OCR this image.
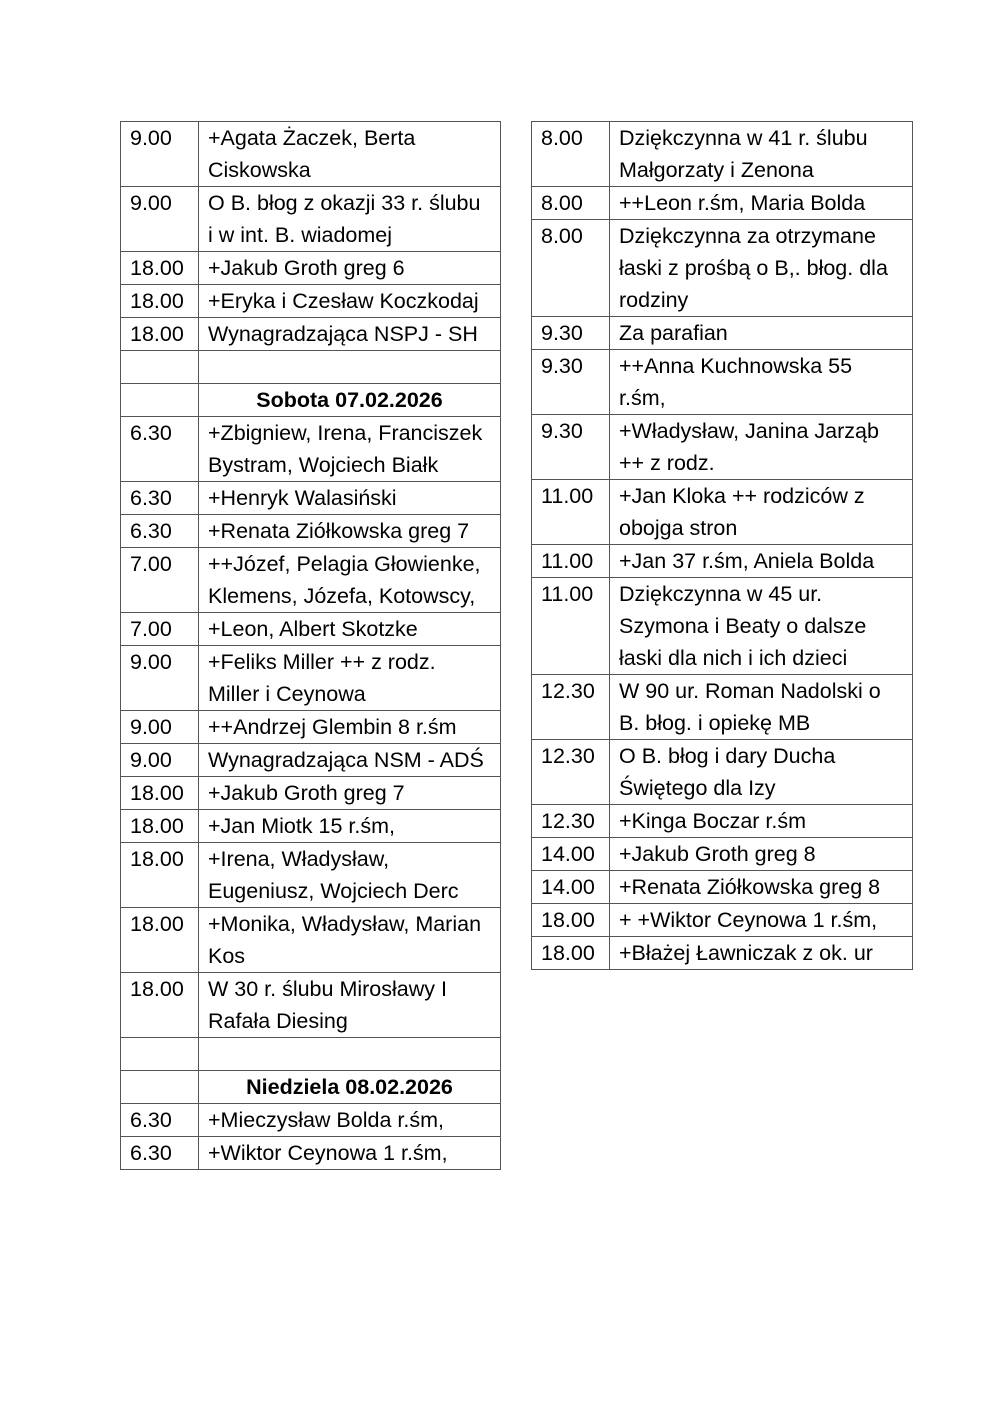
9.00	+Agata Żaczek, Berta Ciskowska
9.00	O B. błog z okazji 33 r. ślubu i w int. B. wiadomej
18.00	+Jakub Groth greg 6
18.00	+Eryka i Czesław Koczkodaj
18.00	Wynagradzająca NSPJ - SH

	Sobota 07.02.2026
6.30	+Zbigniew, Irena, Franciszek Bystram, Wojciech Białk
6.30	+Henryk Walasiński
6.30	+Renata Ziółkowska greg 7
7.00	++Józef, Pelagia Głowienke, Klemens, Józefa, Kotowscy,
7.00	+Leon, Albert Skotzke
9.00	+Feliks Miller ++ z rodz. Miller i Ceynowa
9.00	++Andrzej Glembin 8 r.śm
9.00	Wynagradzająca NSM - ADŚ
18.00	+Jakub Groth greg 7
18.00	+Jan Miotk 15 r.śm,
18.00	+Irena, Władysław, Eugeniusz, Wojciech Derc
18.00	+Monika, Władysław, Marian Kos
18.00	W 30 r. ślubu Mirosławy I Rafała Diesing

	Niedziela 08.02.2026
6.30	+Mieczysław Bolda r.śm,
6.30	+Wiktor Ceynowa 1 r.śm,
8.00	Dziękczynna w 41 r. ślubu Małgorzaty i Zenona
8.00	++Leon r.śm, Maria Bolda
8.00	Dziękczynna za otrzymane łaski z prośbą o B,. błog. dla rodziny
9.30	Za parafian
9.30	++Anna Kuchnowska 55 r.śm,
9.30	+Władysław, Janina Jarząb ++ z rodz.
11.00	+Jan Kloka ++ rodziców z obojga stron
11.00	+Jan 37 r.śm, Aniela Bolda
11.00	Dziękczynna w 45 ur. Szymona i Beaty o dalsze łaski dla nich i ich dzieci
12.30	W 90 ur. Roman Nadolski o B. błog. i opiekę MB
12.30	O B. błog i dary Ducha Świętego dla Izy
12.30	+Kinga Boczar r.śm
14.00	+Jakub Groth greg 8
14.00	+Renata Ziółkowska greg 8
18.00	+ +Wiktor Ceynowa 1 r.śm,
18.00	+Błażej Ławniczak z ok. ur
